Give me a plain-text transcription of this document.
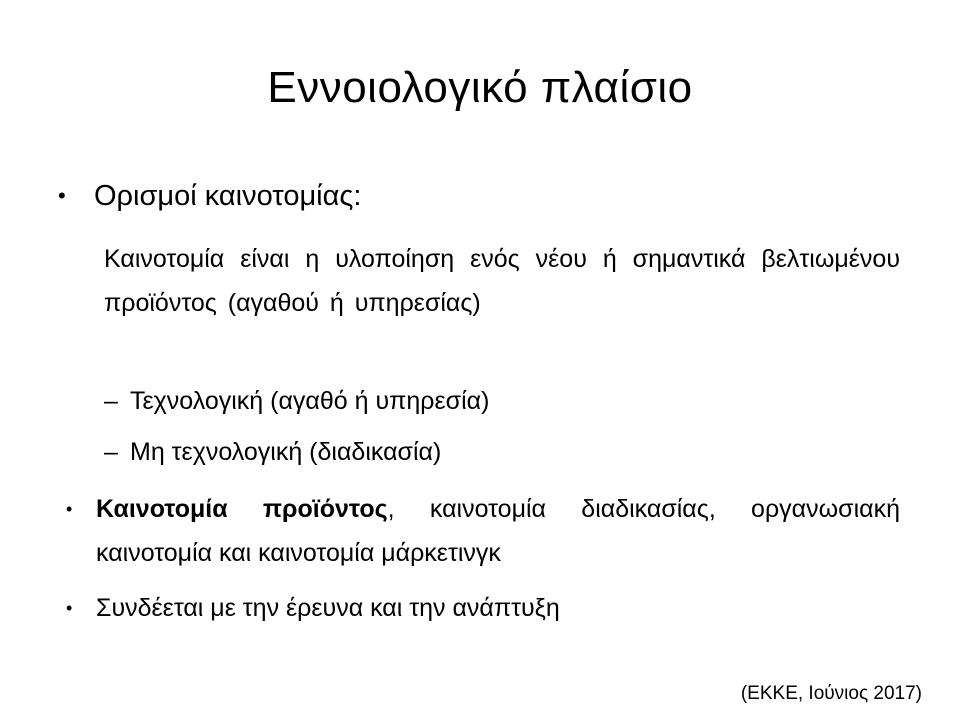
Εννοιολογικό πλαίσιο
• Ορισμοί καινοτομίας:
Καινοτομία είναι η υλοποίηση ενός νέου ή σημαντικά βελτιωμένου προϊόντος (αγαθού ή υπηρεσίας)
– Τεχνολογική (αγαθό ή υπηρεσία)
– Μη τεχνολογική (διαδικασία)
• Καινοτομία προϊόντος, καινοτομία διαδικασίας, οργανωσιακή καινοτομία και καινοτομία μάρκετινγκ
• Συνδέεται με την έρευνα και την ανάπτυξη
(ΕΚΚΕ, Ιούνιος 2017)
